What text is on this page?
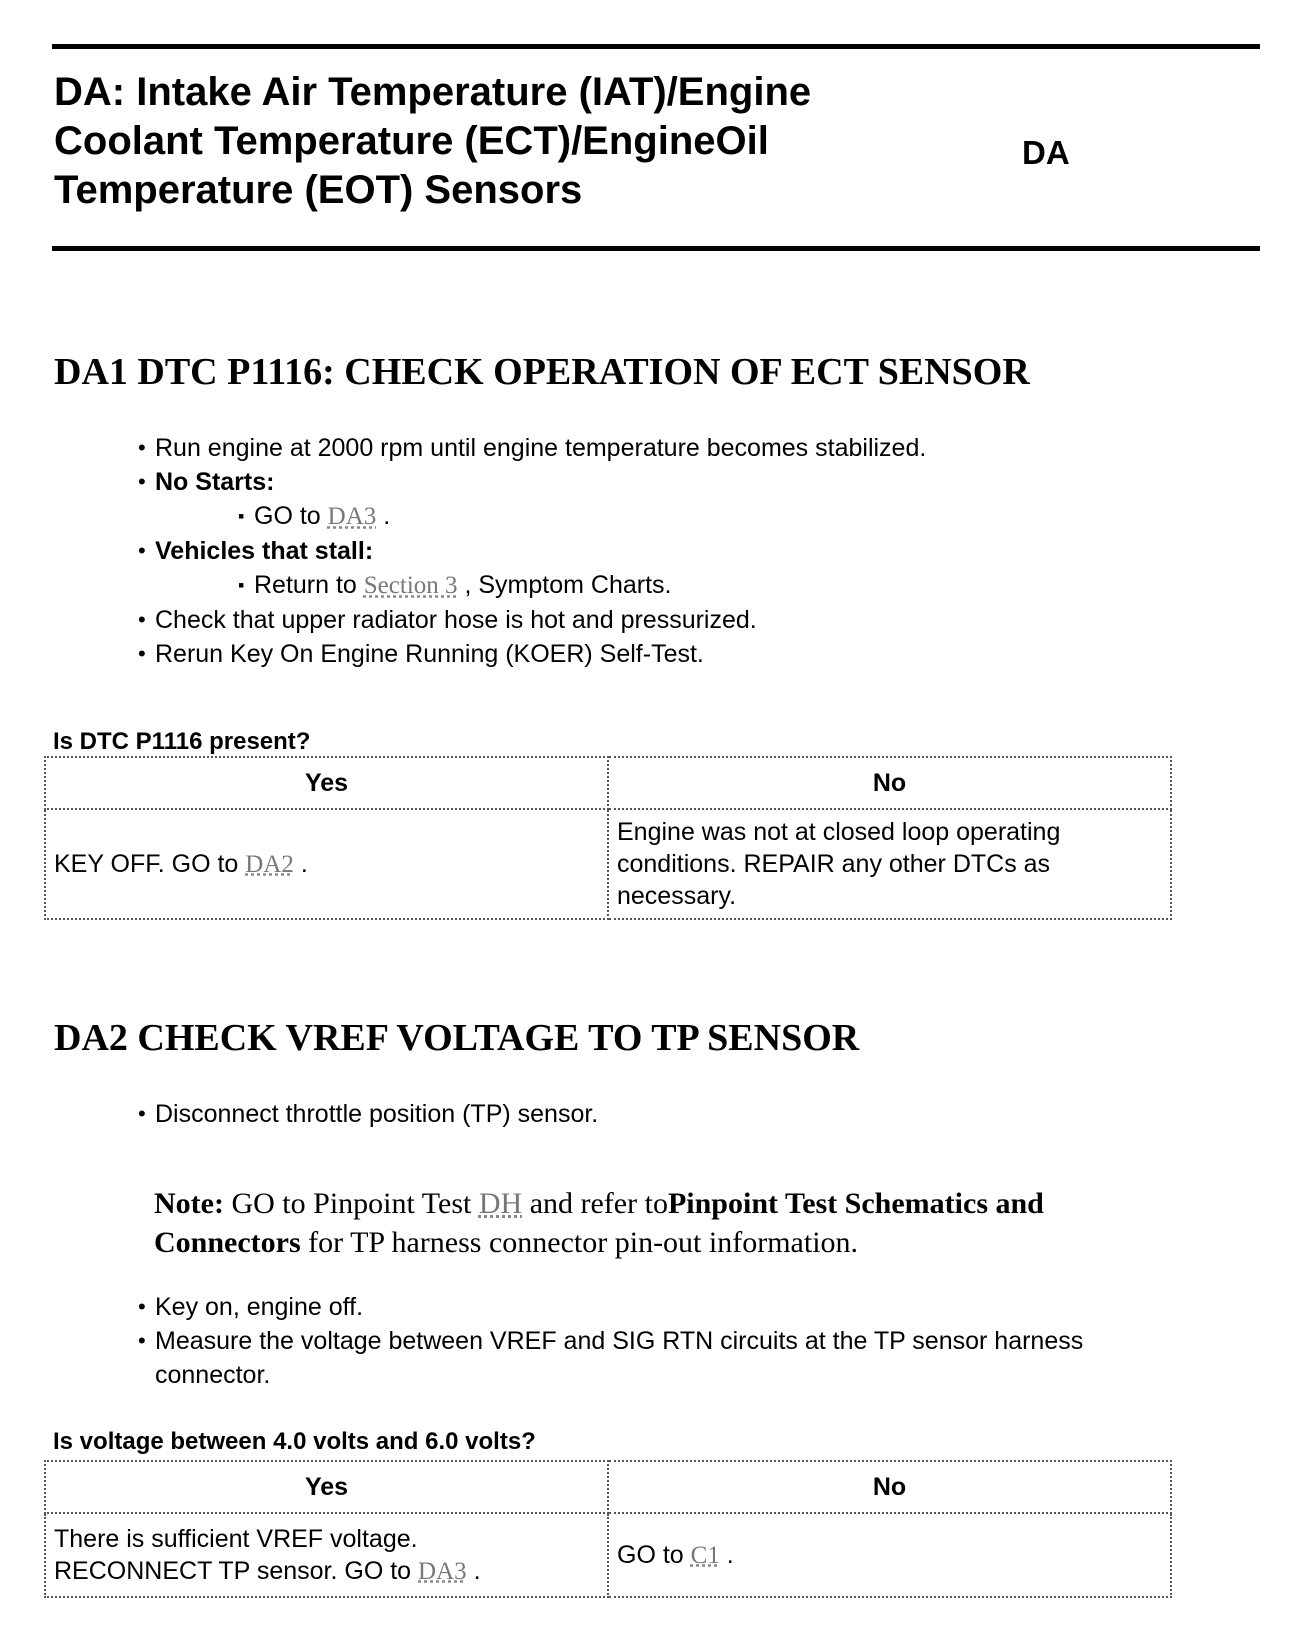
DA: Intake Air Temperature (IAT)/Engine Coolant Temperature (ECT)/EngineOil Temperature (EOT) Sensors
DA
DA1 DTC P1116: CHECK OPERATION OF ECT SENSOR
• Run engine at 2000 rpm until engine temperature becomes stabilized.
• No Starts:
▪ GO to DA3 .
• Vehicles that stall:
▪ Return to Section 3 , Symptom Charts.
• Check that upper radiator hose is hot and pressurized.
• Rerun Key On Engine Running (KOER) Self-Test.

Is DTC P1116 present?

Yes	No
KEY OFF. GO to DA2 .	Engine was not at closed loop operating conditions. REPAIR any other DTCs as necessary.
DA2 CHECK VREF VOLTAGE TO TP SENSOR
• Disconnect throttle position (TP) sensor.

Note: GO to Pinpoint Test DH and refer toPinpoint Test Schematics and Connectors for TP harness connector pin-out information.

• Key on, engine off.
• Measure the voltage between VREF and SIG RTN circuits at the TP sensor harness connector.

Is voltage between 4.0 volts and 6.0 volts?

Yes	No
There is sufficient VREF voltage.
RECONNECT TP sensor. GO to DA3 .	GO to C1 .
